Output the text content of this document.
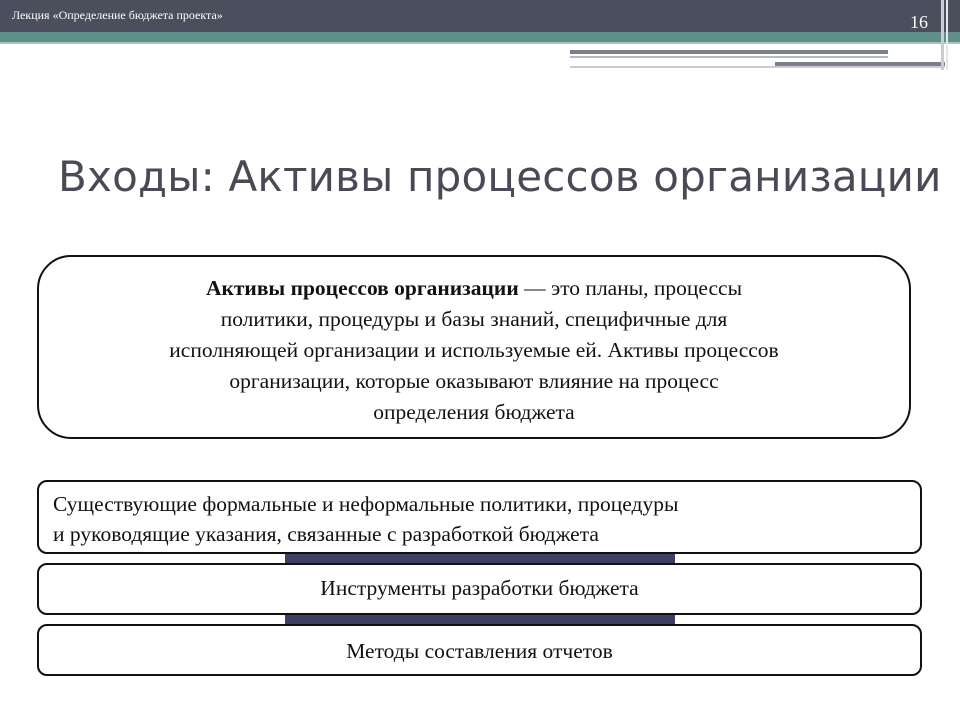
Лекция «Определение бюджета проекта»	16
Входы: Активы процессов организации
Активы процессов организации — это планы, процессы
политики, процедуры и базы знаний, специфичные для
исполняющей организации и используемые ей. Активы процессов
организации, которые оказывают влияние на процесс
определения бюджета
Существующие формальные и неформальные политики, процедуры
и руководящие указания, связанные с разработкой бюджета
Инструменты разработки бюджета
Методы составления отчетов
